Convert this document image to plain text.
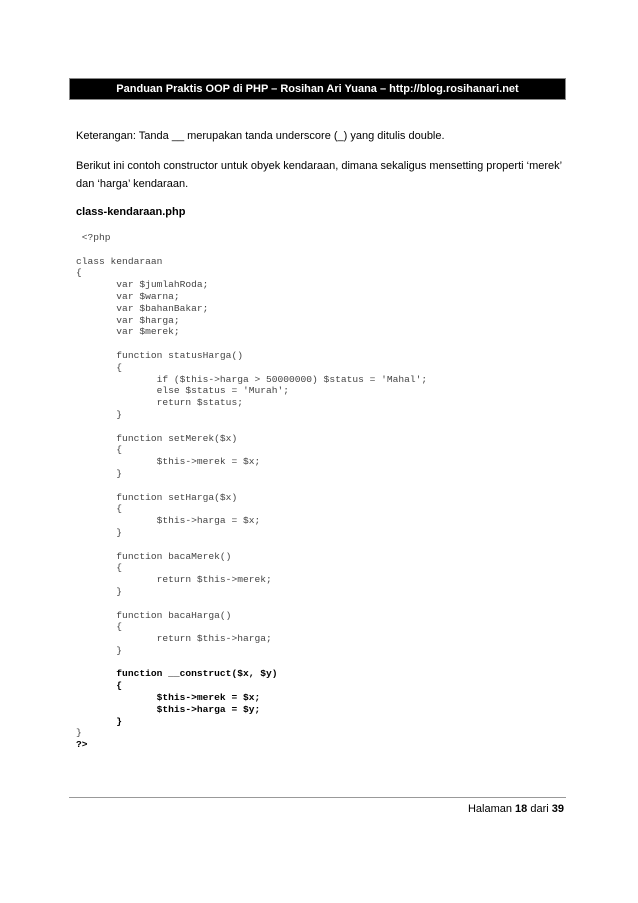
Panduan Praktis OOP di PHP – Rosihan Ari Yuana – http://blog.rosihanari.net
Keterangan: Tanda __ merupakan tanda underscore (_) yang ditulis double.
Berikut ini contoh constructor untuk obyek kendaraan, dimana sekaligus mensetting properti ‘merek’
dan ‘harga’ kendaraan.
class-kendaraan.php
<?php

class kendaraan
{
var $jumlahRoda;
var $warna;
var $bahanBakar;
var $harga;
var $merek;

function statusHarga()
{
if ($this->harga > 50000000) $status = 'Mahal';
else $status = 'Murah';
return $status;
}

function setMerek($x)
{
$this->merek = $x;
}

function setHarga($x)
{
$this->harga = $x;
}

function bacaMerek()
{
return $this->merek;
}

function bacaHarga()
{
return $this->harga;
}

function __construct($x, $y)
{
$this->merek = $x;
$this->harga = $y;
}
}
?>
Halaman 18 dari 39
